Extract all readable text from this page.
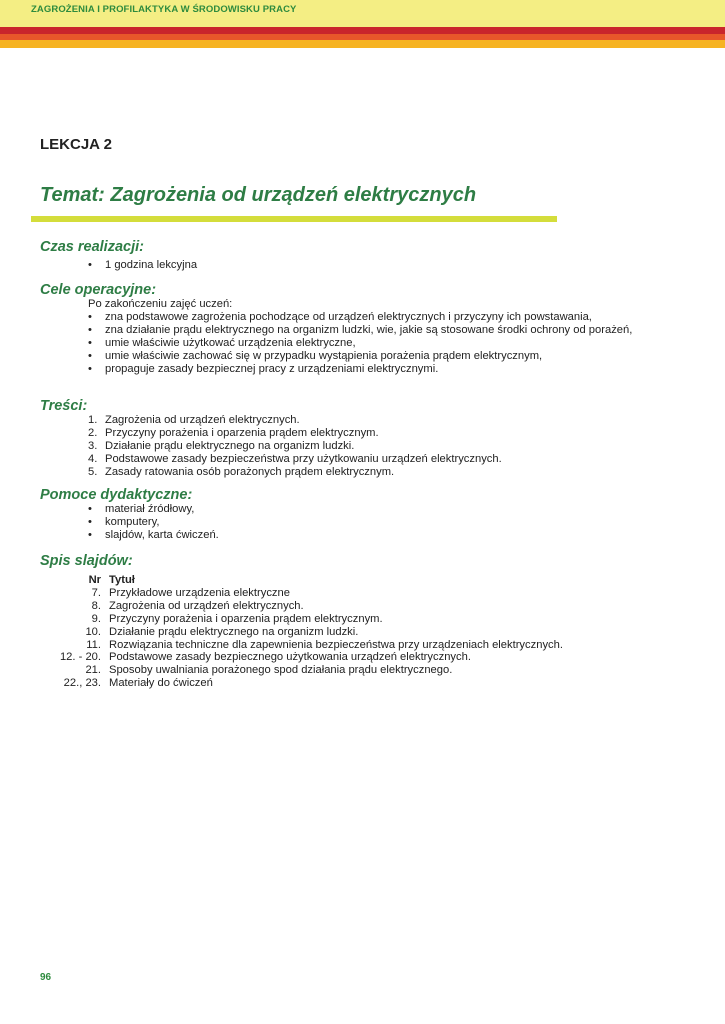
ZAGROŻENIA I PROFILAKTYKA W ŚRODOWISKU PRACY
LEKCJA 2
Temat: Zagrożenia od urządzeń elektrycznych
Czas realizacji:
• 1 godzina lekcyjna
Cele operacyjne:
Po zakończeniu zajęć uczeń:
• zna podstawowe zagrożenia pochodzące od urządzeń elektrycznych i przyczyny ich powstawania,
• zna działanie prądu elektrycznego na organizm ludzki, wie, jakie są stosowane środki ochrony od porażeń,
• umie właściwie użytkować urządzenia elektryczne,
• umie właściwie zachować się w przypadku wystąpienia porażenia prądem elektrycznym,
• propaguje zasady bezpiecznej pracy z urządzeniami elektrycznymi.
Treści:
1. Zagrożenia od urządzeń elektrycznych.
2. Przyczyny porażenia i oparzenia prądem elektrycznym.
3. Działanie prądu elektrycznego na organizm ludzki.
4. Podstawowe zasady bezpieczeństwa przy użytkowaniu urządzeń elektrycznych.
5. Zasady ratowania osób porażonych prądem elektrycznym.
Pomoce dydaktyczne:
• materiał źródłowy,
• komputery,
• slajdów, karta ćwiczeń.
Spis slajdów:
Nr	Tytuł
7.	Przykładowe urządzenia elektryczne
8.	Zagrożenia od urządzeń elektrycznych.
9.	Przyczyny porażenia i oparzenia prądem elektrycznym.
10.	Działanie prądu elektrycznego na organizm ludzki.
11.	Rozwiązania techniczne dla zapewnienia bezpieczeństwa przy urządzeniach elektrycznych.
12. - 20.	Podstawowe zasady bezpiecznego użytkowania urządzeń elektrycznych.
21.	Sposoby uwalniania porażonego spod działania prądu elektrycznego.
22., 23.	Materiały do ćwiczeń
96
